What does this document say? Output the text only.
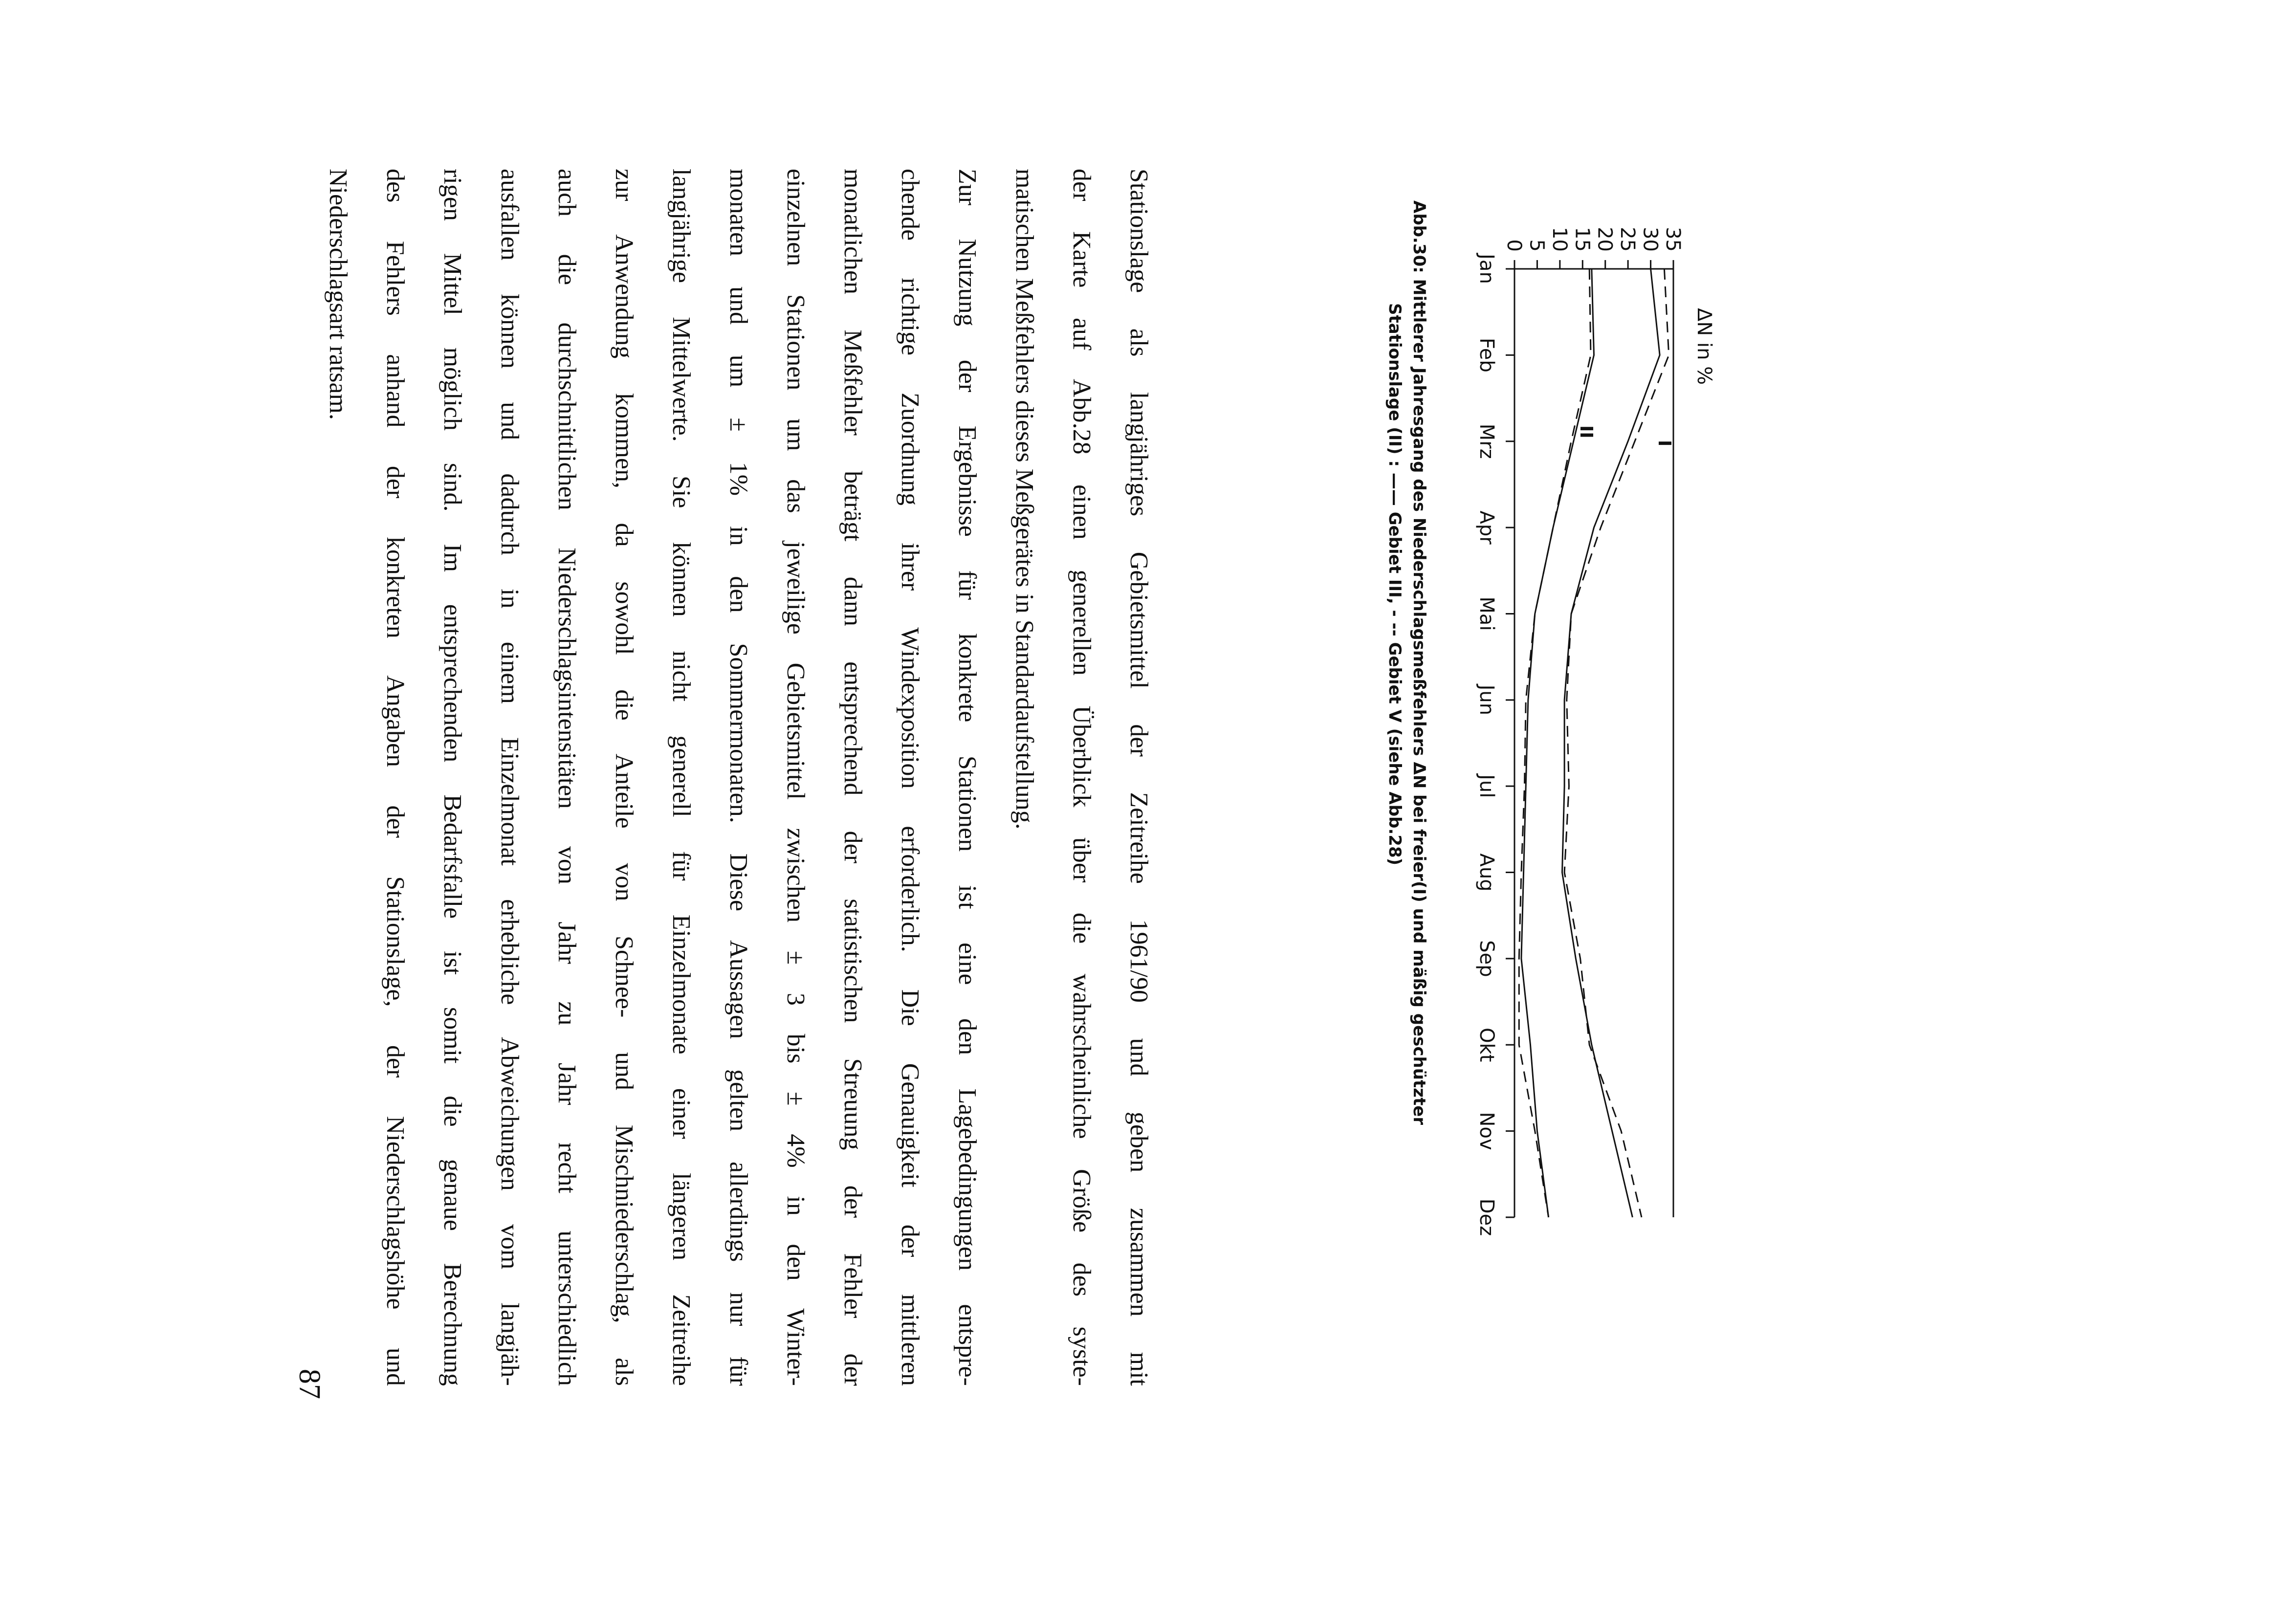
ΔN in %
0 5 10 15 20 25 30 35
Jan
Feb
Mrz
Apr
Mai
Jun
Jul
Aug
Sep
Okt
Nov
Dez
I
II
Abb.30: Mittlerer Jahresgang des Niederschlagsmeßfehlers ΔN bei freier(I) und mäßig geschützter
Stationslage (II) : —— Gebiet III, - -- Gebiet V (siehe Abb.28)
Stationslage als langjähriges Gebietsmittel der Zeitreihe 1961/90 und geben zusammen mit
der Karte auf Abb.28 einen generellen Überblick über die wahrscheinliche Größe des syste-
matischen Meßfehlers dieses Meßgerätes in Standardaufstellung.
Zur Nutzung der Ergebnisse für konkrete Stationen ist eine den Lagebedingungen entspre-
chende richtige Zuordnung ihrer Windexposition erforderlich. Die Genauigkeit der mittleren
monatlichen Meßfehler beträgt dann entsprechend der statistischen Streuung der Fehler der
einzelnen Stationen um das jeweilige Gebietsmittel zwischen ± 3 bis ± 4% in den Winter-
monaten und um ± 1% in den Sommermonaten. Diese Aussagen gelten allerdings nur für
langjährige Mittelwerte. Sie können nicht generell für Einzelmonate einer längeren Zeitreihe
zur Anwendung kommen, da sowohl die Anteile von Schnee- und Mischniederschlag, als
auch die durchschnittlichen Niederschlagsintensitäten von Jahr zu Jahr recht unterschiedlich
ausfallen können und dadurch in einem Einzelmonat erhebliche Abweichungen vom langjäh-
rigen Mittel möglich sind. Im entsprechenden Bedarfsfalle ist somit die genaue Berechnung
des Fehlers anhand der konkreten Angaben der Stationslage, der Niederschlagshöhe und
Niederschlagsart ratsam.
87
